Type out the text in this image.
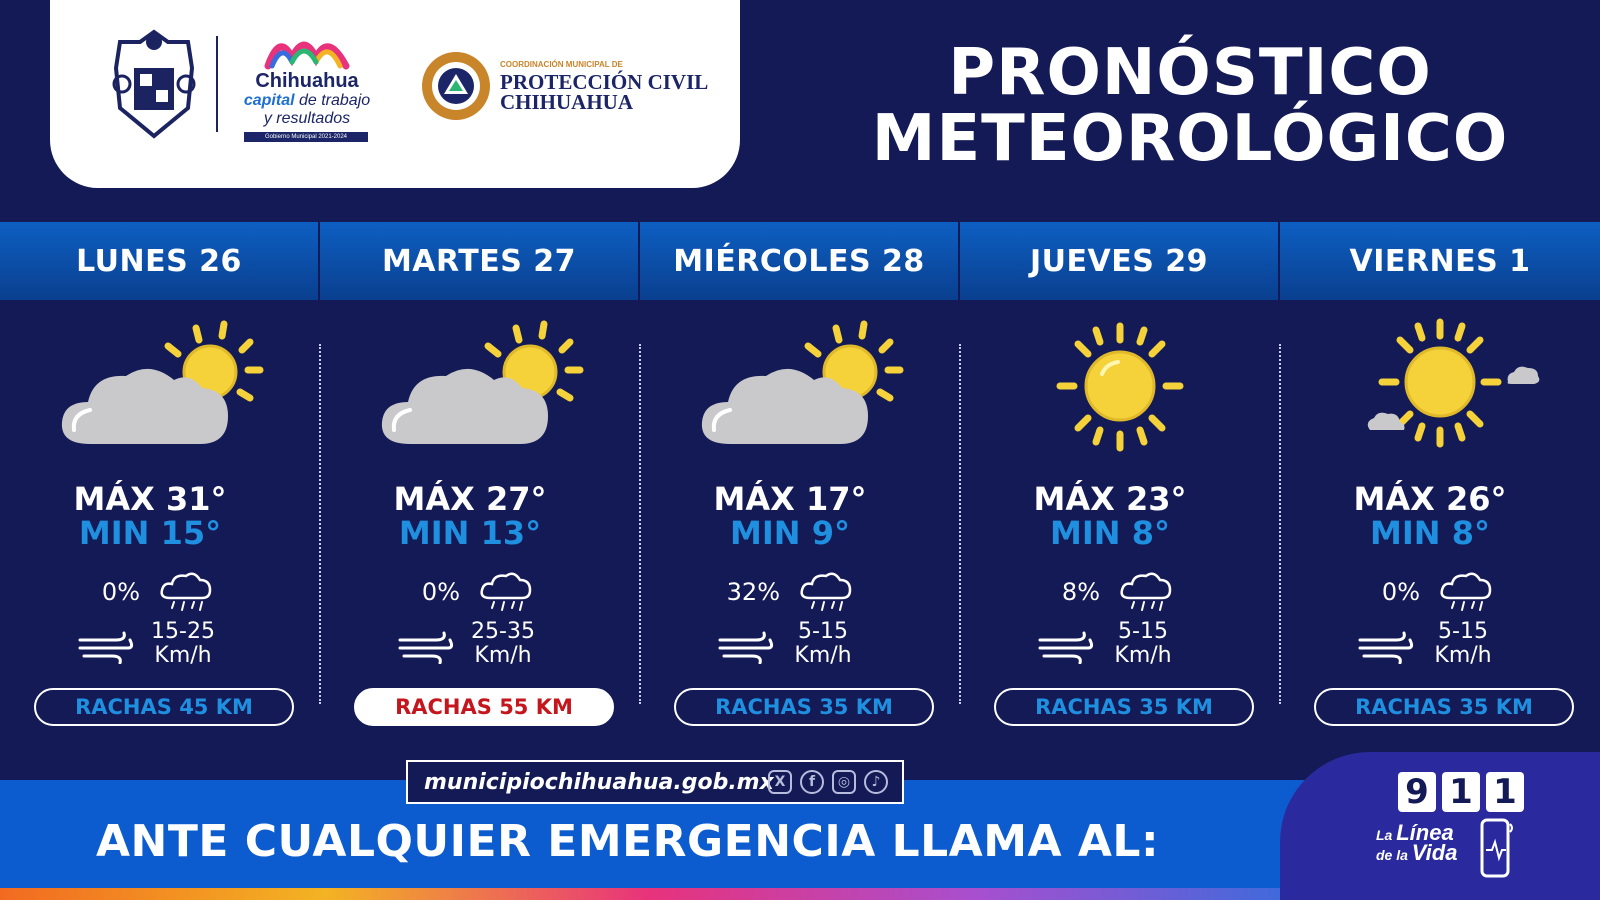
Chihuahua
capital de trabajo
y resultados
Gobierno Municipal 2021-2024
COORDINACIÓN MUNICIPAL DE
PROTECCIÓN CIVIL
CHIHUAHUA	PRONÓSTICO
METEOROLÓGICO
LUNES 26	MARTES 27	MIÉRCOLES 28	JUEVES 29	VIERNES 1
MÁX 31°
MIN 15°
0%
15-25
Km/h
RACHAS 45 KM
MÁX 27°
MIN 13°
0%
25-35
Km/h
RACHAS 55 KM
MÁX 17°
MIN 9°
32%
5-15
Km/h
RACHAS 35 KM
MÁX 23°
MIN 8°
8%
5-15
Km/h
RACHAS 35 KM
MÁX 26°
MIN 8°
0%
5-15
Km/h
RACHAS 35 KM
municipiochihuahua.gob.mx X	f	◎	♪
ANTE CUALQUIER EMERGENCIA LLAMA AL:
9 1 1
La Línea
de la Vida
